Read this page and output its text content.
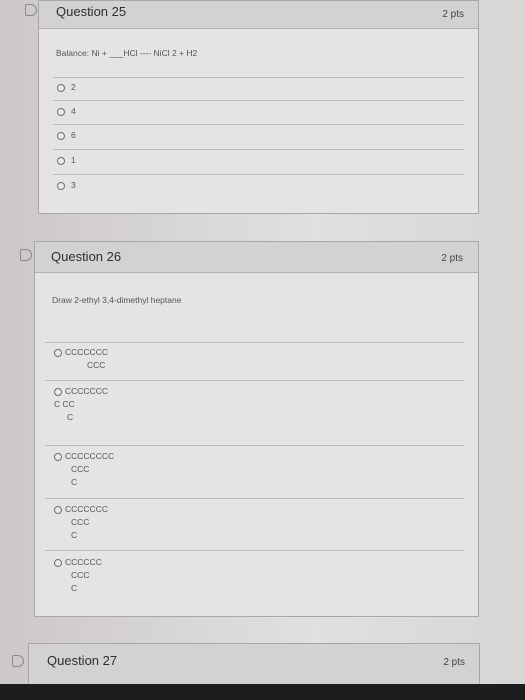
Question 25	2 pts
Balance: Ni + ___HCl ---- NiCl 2 + H2
2
4
6
1
3
Question 26	2 pts
Draw 2-ethyl 3,4-dimethyl heptane
CCCCCCC
CCC
CCCCCCC
C CC
C
CCCCCCCC
CCC
C
CCCCCCC
CCC
C
CCCCCC
CCC
C
Question 27	2 pts
